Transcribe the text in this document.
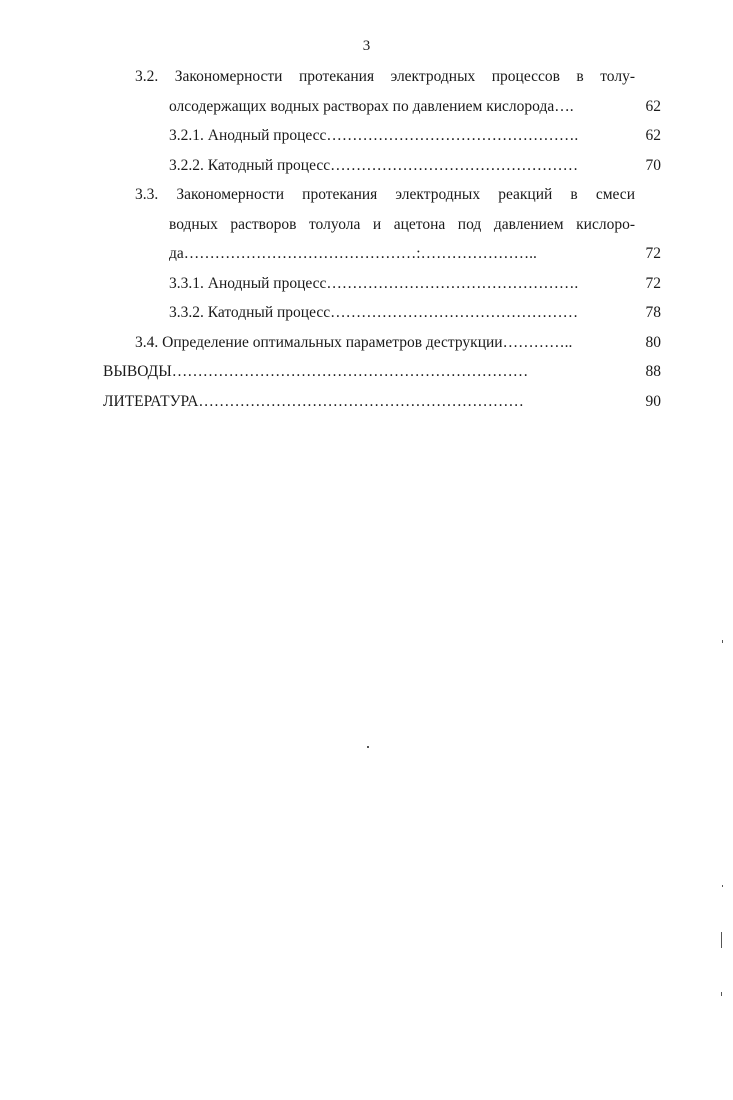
3
3.2. Закономерности протекания электродных процессов в толу-
олсодержащих водных растворах по давлением кислорода….	62
3.2.1. Анодный процесс………………………………………….	62
3.2.2. Катодный процесс…………………………………………	70
3.3. Закономерности протекания электродных реакций в смеси
водных растворов толуола и ацетона под давлением кислоро-
да………………………………………:…………………..	72
3.3.1. Анодный процесс………………………………………….	72
3.3.2. Катодный процесс…………………………………………	78
3.4. Определение оптимальных параметров деструкции…………..	80
ВЫВОДЫ……………………………………………………………	88
ЛИТЕРАТУРА………………………………………………………	90
